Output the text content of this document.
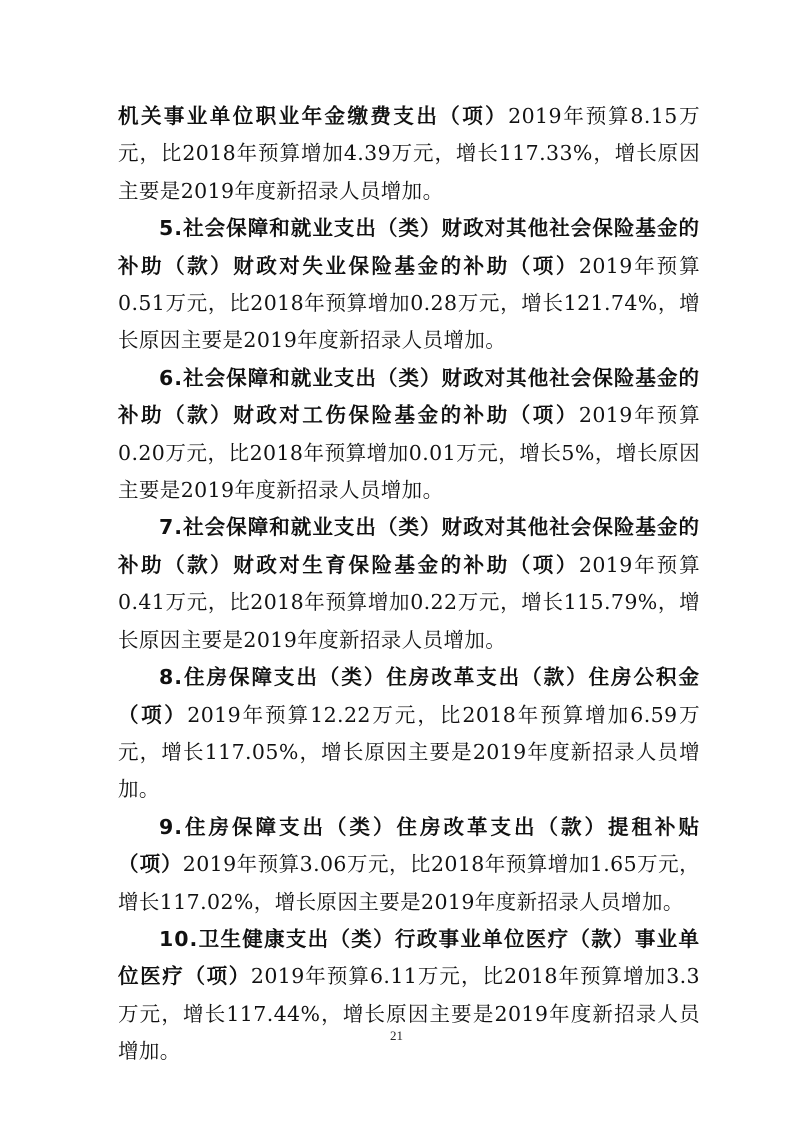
机关事业单位职业年金缴费支出（项）2019年预算8.15万元，比2018年预算增加4.39万元，增长117.33%，增长原因主要是2019年度新招录人员增加。

5.社会保障和就业支出（类）财政对其他社会保险基金的补助（款）财政对失业保险基金的补助（项）2019年预算0.51万元，比2018年预算增加0.28万元，增长121.74%，增长原因主要是2019年度新招录人员增加。

6.社会保障和就业支出（类）财政对其他社会保险基金的补助（款）财政对工伤保险基金的补助（项）2019年预算0.20万元，比2018年预算增加0.01万元，增长5%，增长原因主要是2019年度新招录人员增加。

7.社会保障和就业支出（类）财政对其他社会保险基金的补助（款）财政对生育保险基金的补助（项）2019年预算0.41万元，比2018年预算增加0.22万元，增长115.79%，增长原因主要是2019年度新招录人员增加。

8.住房保障支出（类）住房改革支出（款）住房公积金（项）2019年预算12.22万元，比2018年预算增加6.59万元，增长117.05%，增长原因主要是2019年度新招录人员增加。

9.住房保障支出（类）住房改革支出（款）提租补贴（项）2019年预算3.06万元，比2018年预算增加1.65万元，增长117.02%，增长原因主要是2019年度新招录人员增加。

10.卫生健康支出（类）行政事业单位医疗（款）事业单位医疗（项）2019年预算6.11万元，比2018年预算增加3.3万元，增长117.44%，增长原因主要是2019年度新招录人员增加。

21
